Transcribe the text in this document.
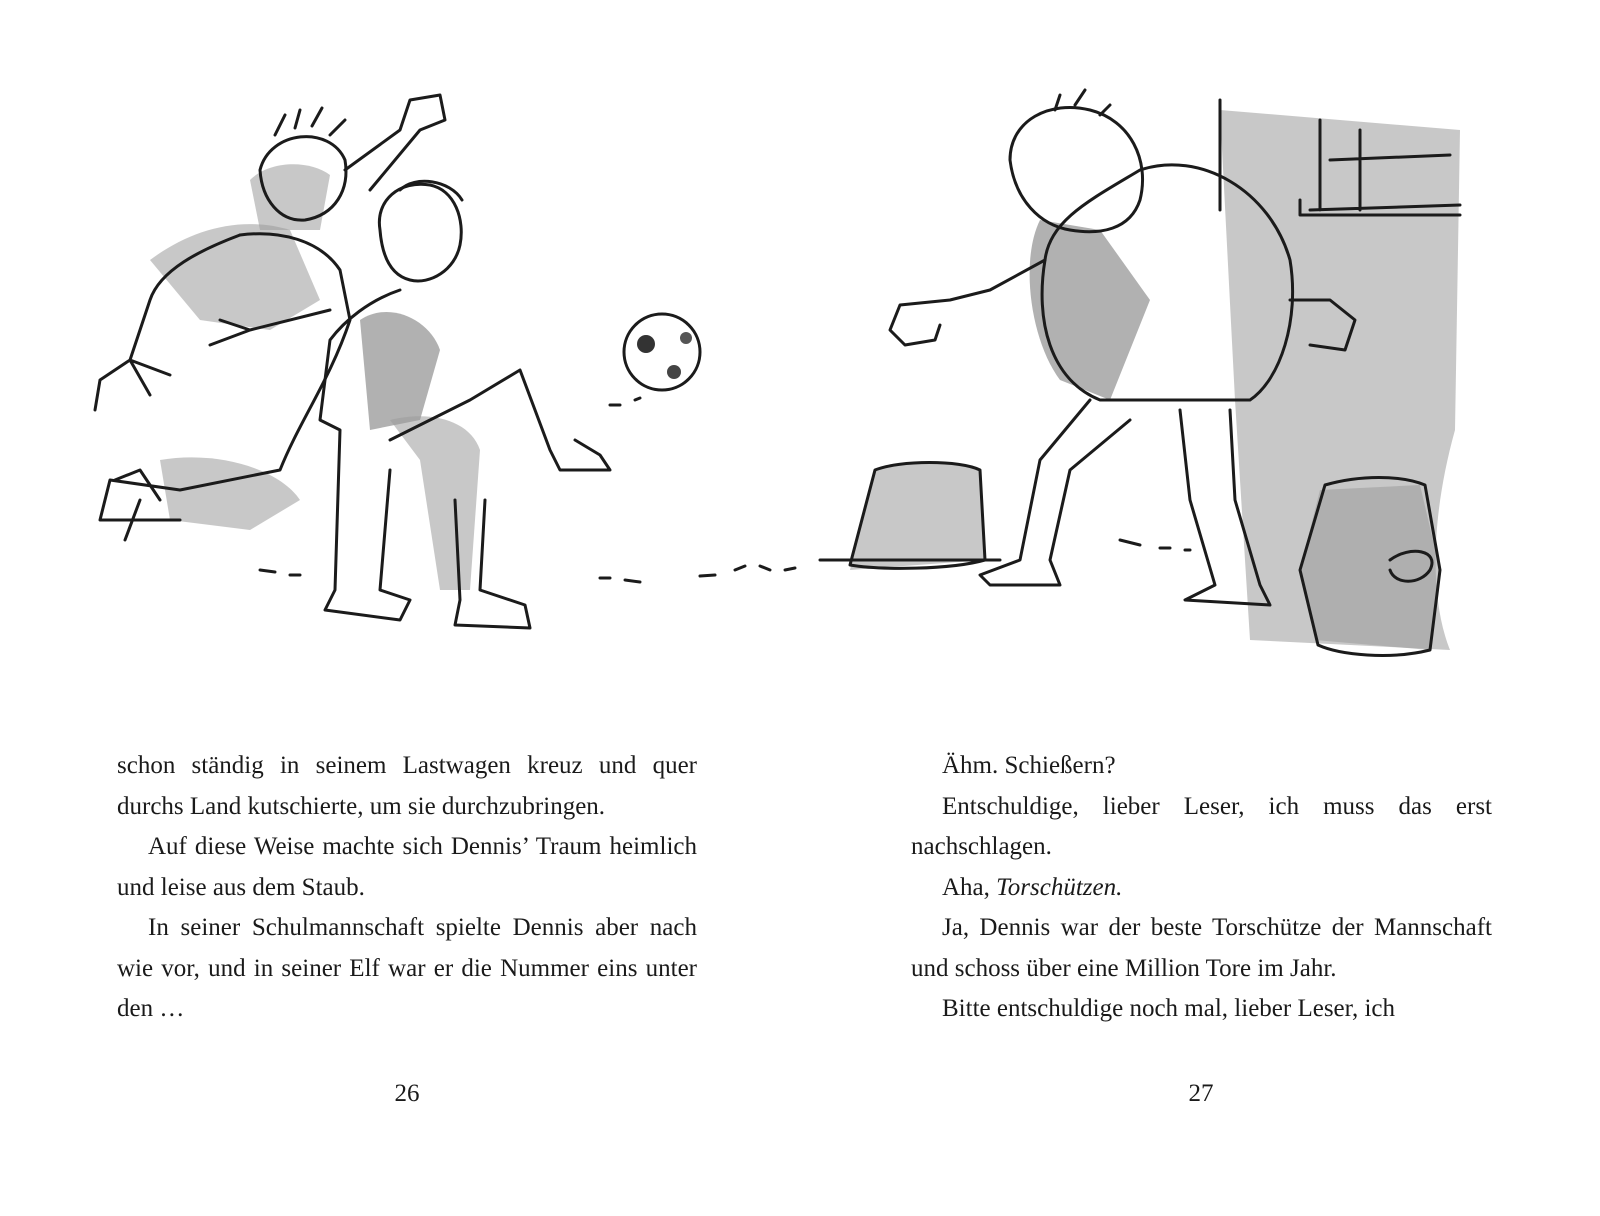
schon ständig in seinem Lastwagen kreuz und quer durchs Land kutschierte, um sie durchzubringen.

Auf diese Weise machte sich Dennis’ Traum heimlich und leise aus dem Staub.

In seiner Schulmannschaft spielte Dennis aber nach wie vor, und in seiner Elf war er die Nummer eins unter den …

Ähm. Schießern?

Entschuldige, lieber Leser, ich muss das erst nachschlagen.

Aha, Torschützen.

Ja, Dennis war der beste Torschütze der Mannschaft und schoss über eine Million Tore im Jahr.

Bitte entschuldige noch mal, lieber Leser, ich

26	27
